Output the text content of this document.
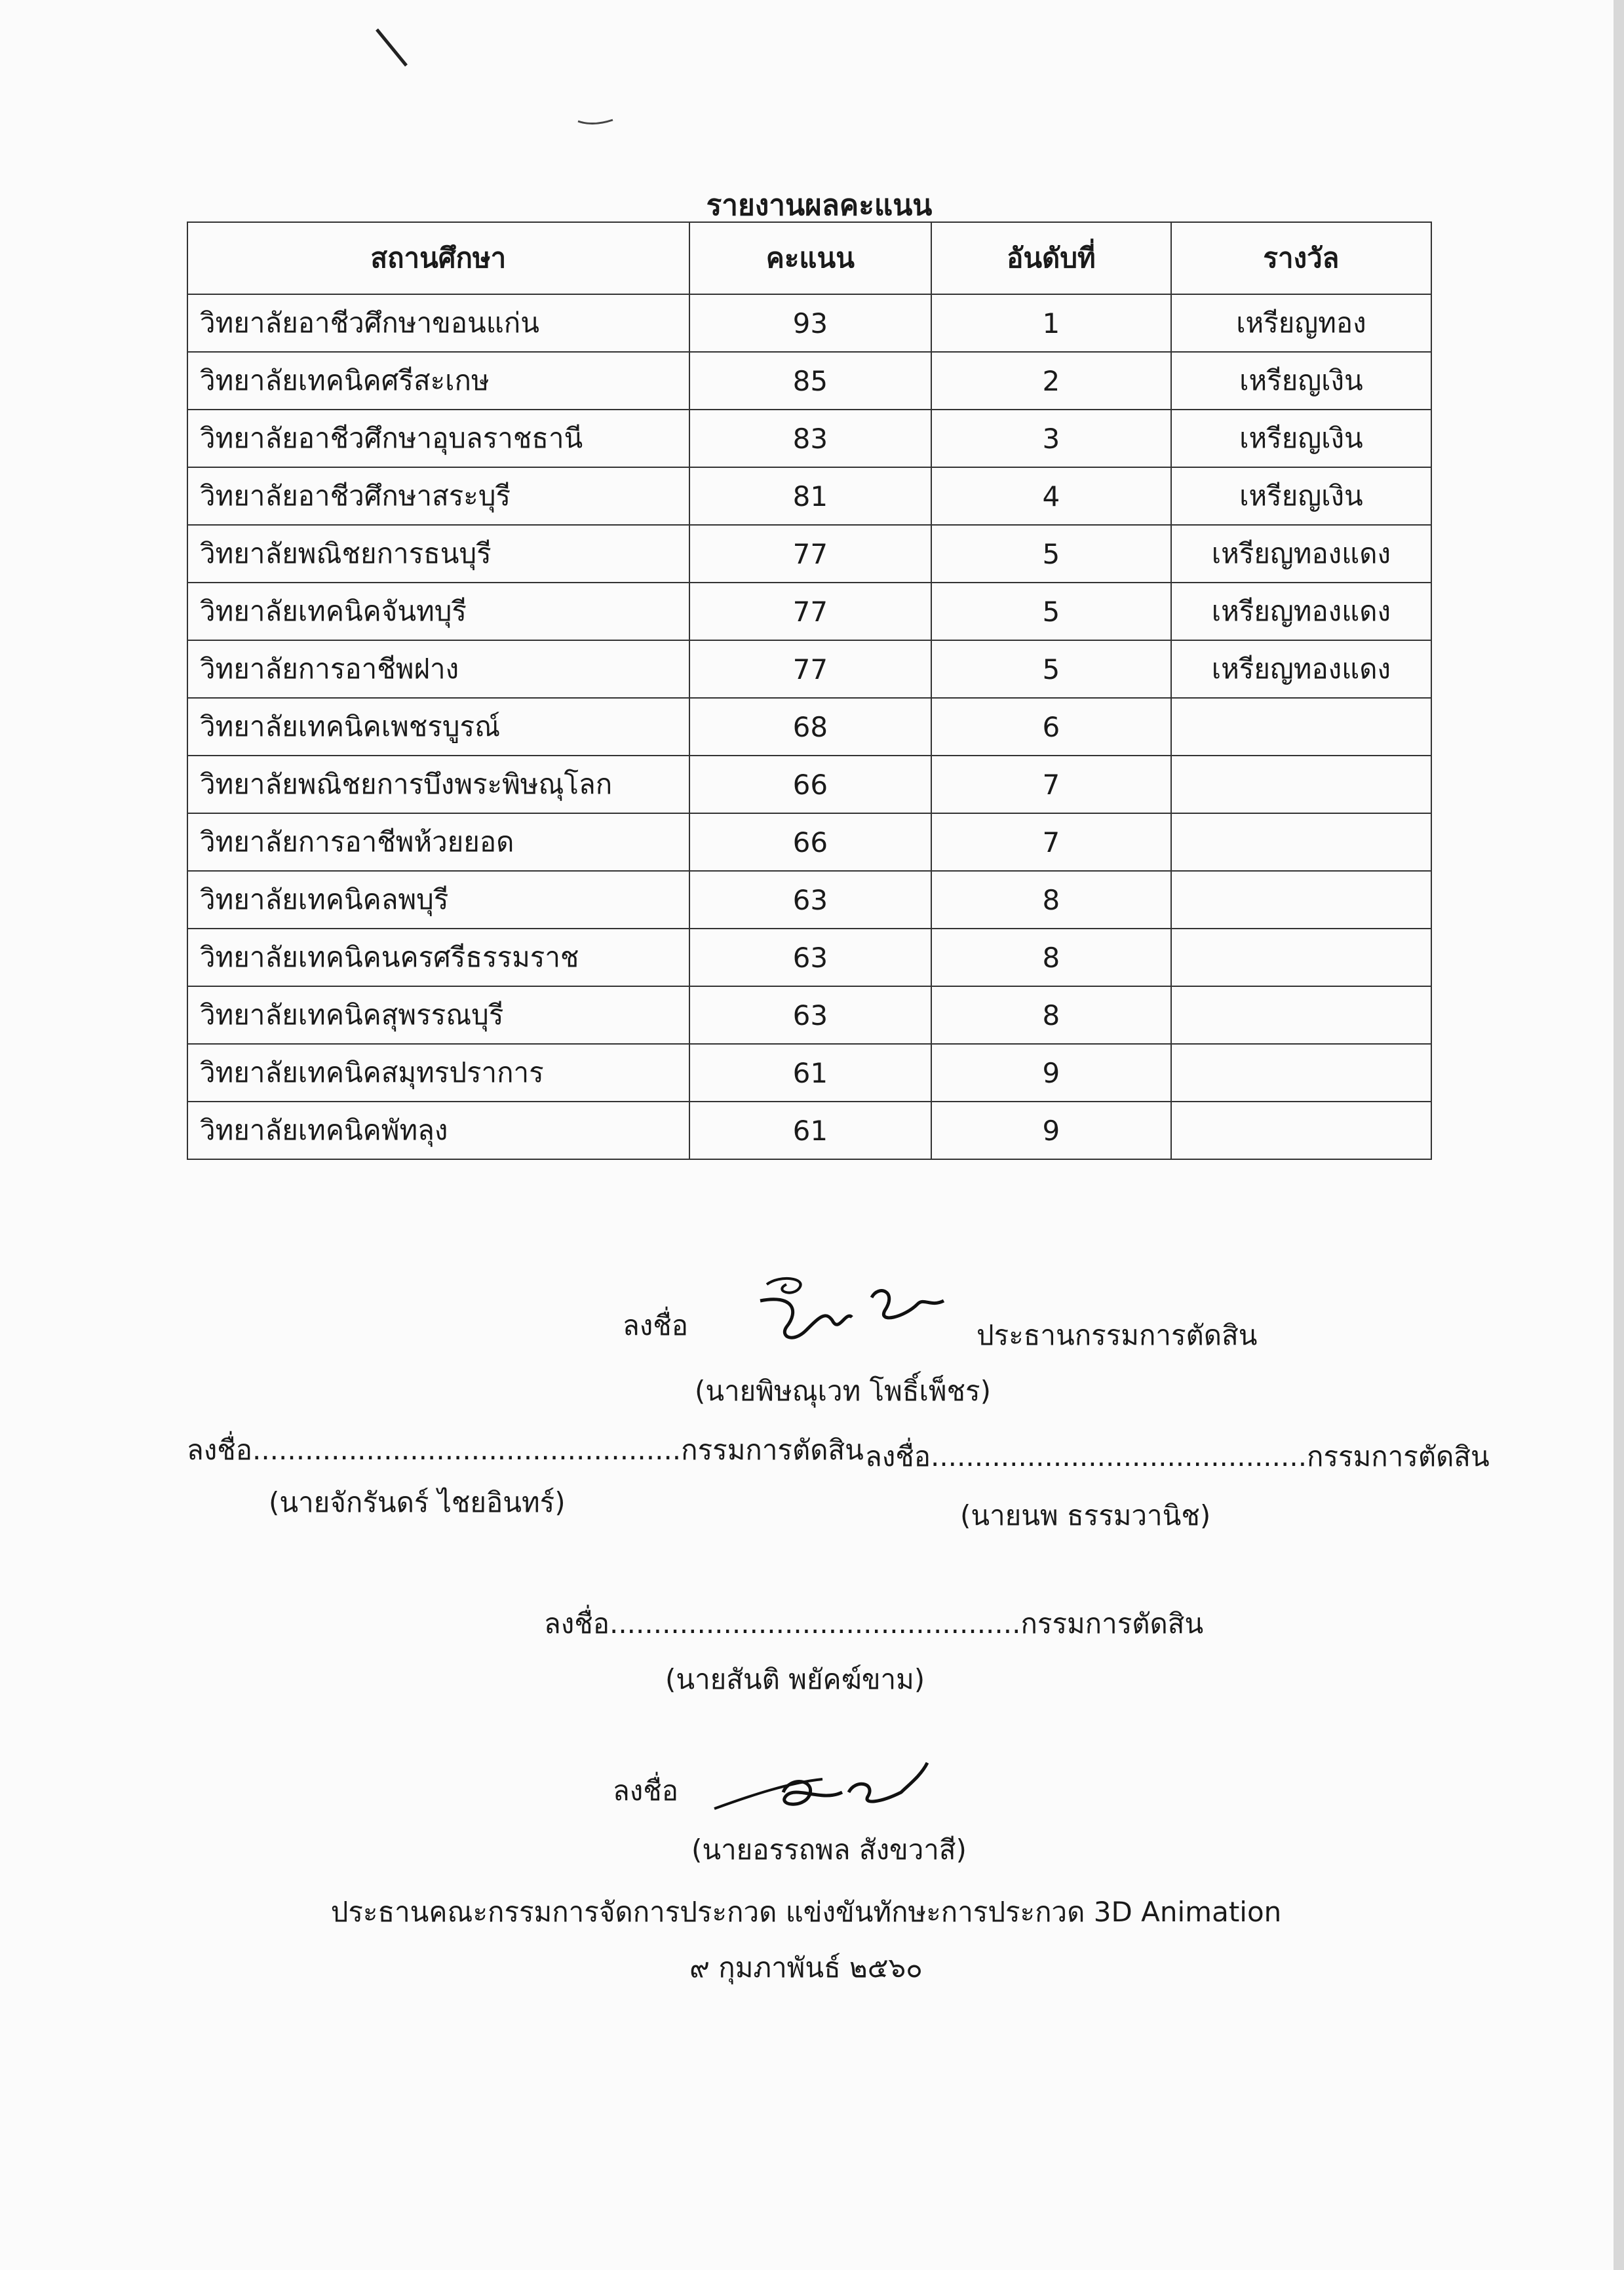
รายงานผลคะแนน
สถานศึกษา	คะแนน	อันดับที่	รางวัล
วิทยาลัยอาชีวศึกษาขอนแก่น	93	1	เหรียญทอง
วิทยาลัยเทคนิคศรีสะเกษ	85	2	เหรียญเงิน
วิทยาลัยอาชีวศึกษาอุบลราชธานี	83	3	เหรียญเงิน
วิทยาลัยอาชีวศึกษาสระบุรี	81	4	เหรียญเงิน
วิทยาลัยพณิชยการธนบุรี	77	5	เหรียญทองแดง
วิทยาลัยเทคนิคจันทบุรี	77	5	เหรียญทองแดง
วิทยาลัยการอาชีพฝาง	77	5	เหรียญทองแดง
วิทยาลัยเทคนิคเพชรบูรณ์	68	6	
วิทยาลัยพณิชยการบึงพระพิษณุโลก	66	7	
วิทยาลัยการอาชีพห้วยยอด	66	7	
วิทยาลัยเทคนิคลพบุรี	63	8	
วิทยาลัยเทคนิคนครศรีธรรมราช	63	8	
วิทยาลัยเทคนิคสุพรรณบุรี	63	8	
วิทยาลัยเทคนิคสมุทรปราการ	61	9	
วิทยาลัยเทคนิคพัทลุง	61	9	
ลงชื่อ	ประธานกรรมการตัดสิน
(นายพิษณุเวท โพธิ์เพ็ชร)
ลงชื่อ.................................................กรรมการตัดสิน
(นายจักรันดร์ ไชยอินทร์)
ลงชื่อ...........................................กรรมการตัดสิน
(นายนพ ธรรมวานิช)
ลงชื่อ...............................................กรรมการตัดสิน
(นายสันติ พยัคฆ์ขาม)
ลงชื่อ
(นายอรรถพล สังขวาสี)
ประธานคณะกรรมการจัดการประกวด แข่งขันทักษะการประกวด 3D Animation
๙ กุมภาพันธ์ ๒๕๖๐
